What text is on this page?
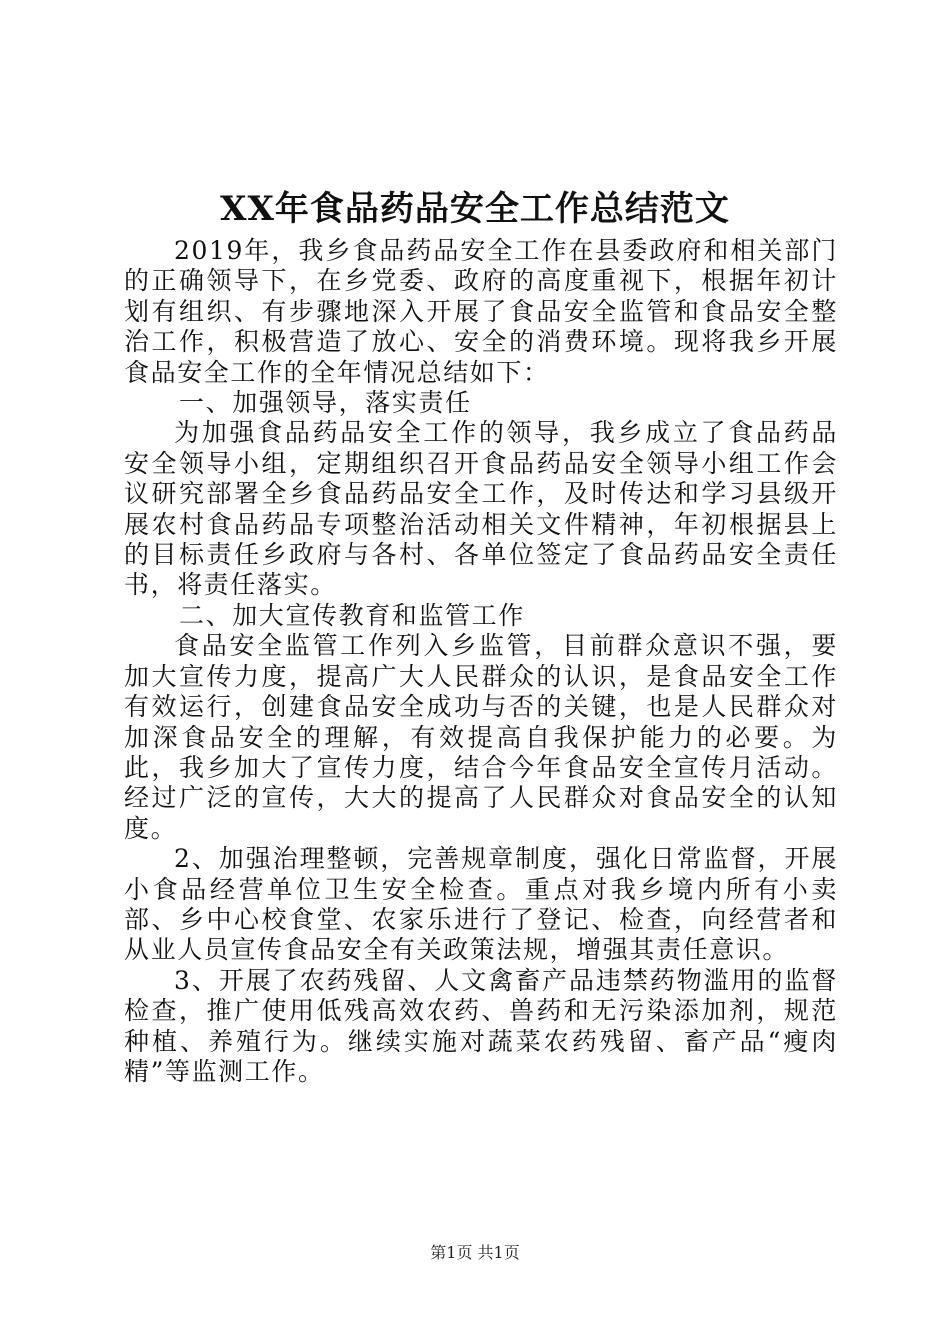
XX年食品药品安全工作总结范文

2019年，我乡食品药品安全工作在县委政府和相关部门的正确领导下，在乡党委、政府的高度重视下，根据年初计划有组织、有步骤地深入开展了食品安全监管和食品安全整治工作，积极营造了放心、安全的消费环境。现将我乡开展食品安全工作的全年情况总结如下：

一、加强领导，落实责任

为加强食品药品安全工作的领导，我乡成立了食品药品安全领导小组，定期组织召开食品药品安全领导小组工作会议研究部署全乡食品药品安全工作，及时传达和学习县级开展农村食品药品专项整治活动相关文件精神，年初根据县上的目标责任乡政府与各村、各单位签定了食品药品安全责任书，将责任落实。

二、加大宣传教育和监管工作

食品安全监管工作列入乡监管，目前群众意识不强，要加大宣传力度，提高广大人民群众的认识，是食品安全工作有效运行，创建食品安全成功与否的关键，也是人民群众对加深食品安全的理解，有效提高自我保护能力的必要。为此，我乡加大了宣传力度，结合今年食品安全宣传月活动。经过广泛的宣传，大大的提高了人民群众对食品安全的认知度。

2、加强治理整顿，完善规章制度，强化日常监督，开展小食品经营单位卫生安全检查。重点对我乡境内所有小卖部、乡中心校食堂、农家乐进行了登记、检查，向经营者和从业人员宣传食品安全有关政策法规，增强其责任意识。

3、开展了农药残留、人文禽畜产品违禁药物滥用的监督检查，推广使用低残高效农药、兽药和无污染添加剂，规范种植、养殖行为。继续实施对蔬菜农药残留、畜产品“瘦肉精”等监测工作。

第1页 共1页
